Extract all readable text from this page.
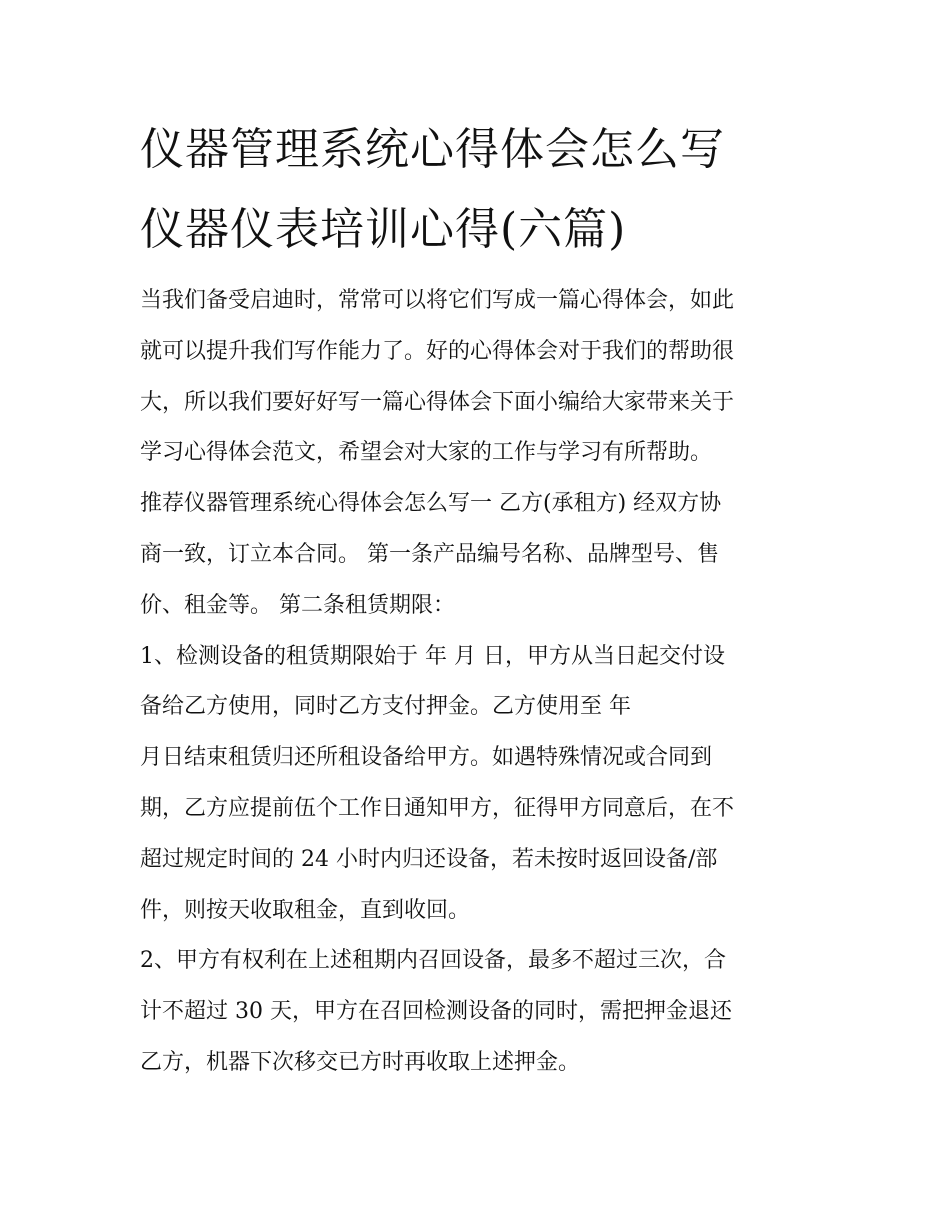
仪器管理系统心得体会怎么写
仪器仪表培训心得(六篇)
当我们备受启迪时，常常可以将它们写成一篇心得体会，如此
就可以提升我们写作能力了。好的心得体会对于我们的帮助很
大，所以我们要好好写一篇心得体会下面小编给大家带来关于
学习心得体会范文，希望会对大家的工作与学习有所帮助。
推荐仪器管理系统心得体会怎么写一 乙方(承租方) 经双方协
商一致，订立本合同。 第一条产品编号名称、品牌型号、售
价、租金等。 第二条租赁期限：
1、检测设备的租赁期限始于 年 月 日，甲方从当日起交付设
备给乙方使用，同时乙方支付押金。乙方使用至 年
月日结束租赁归还所租设备给甲方。如遇特殊情况或合同到
期，乙方应提前伍个工作日通知甲方，征得甲方同意后，在不
超过规定时间的 24 小时内归还设备，若未按时返回设备/部
件，则按天收取租金，直到收回。
2、甲方有权利在上述租期内召回设备，最多不超过三次，合
计不超过 30 天，甲方在召回检测设备的同时，需把押金退还
乙方，机器下次移交已方时再收取上述押金。
